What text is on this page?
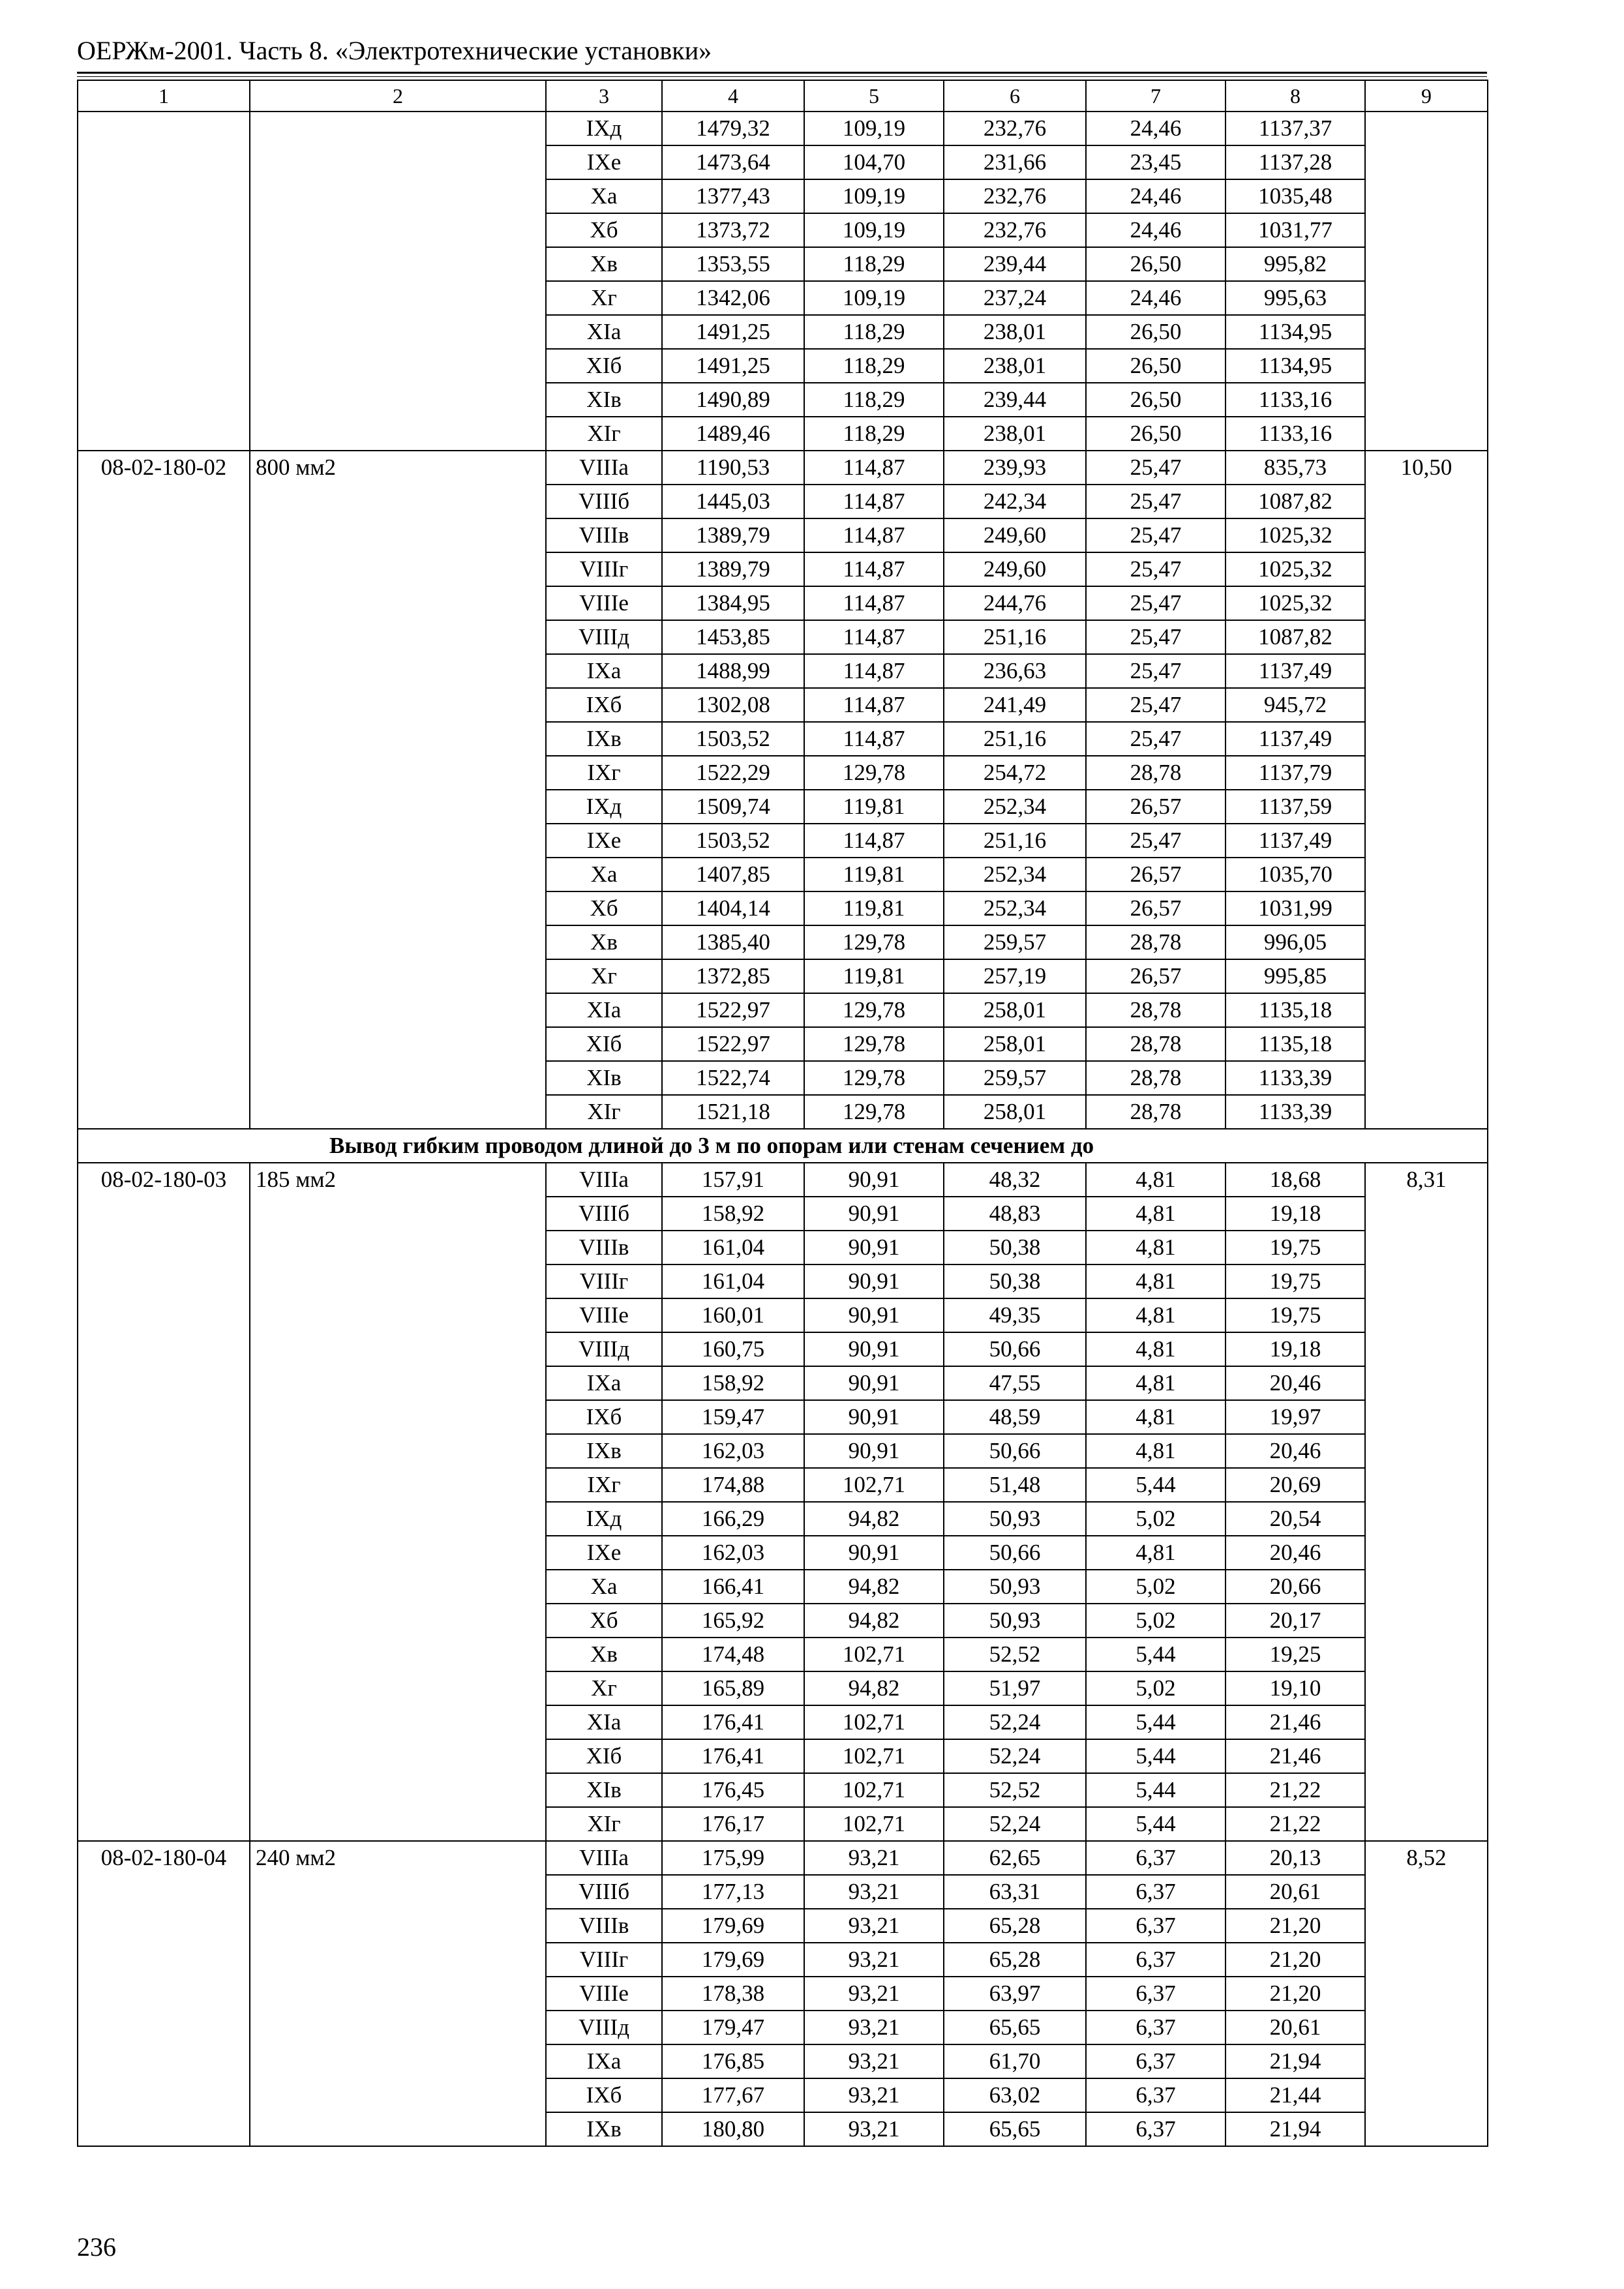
ОЕРЖм-2001. Часть 8. «Электротехнические установки»
1	2	3	4	5	6	7	8	9
		IXд	1479,32	109,19	232,76	24,46	1137,37	
		IXе	1473,64	104,70	231,66	23,45	1137,28	
		Xа	1377,43	109,19	232,76	24,46	1035,48	
		Xб	1373,72	109,19	232,76	24,46	1031,77	
		Xв	1353,55	118,29	239,44	26,50	995,82	
		Xг	1342,06	109,19	237,24	24,46	995,63	
		XIа	1491,25	118,29	238,01	26,50	1134,95	
		XIб	1491,25	118,29	238,01	26,50	1134,95	
		XIв	1490,89	118,29	239,44	26,50	1133,16	
		XIг	1489,46	118,29	238,01	26,50	1133,16	
08-02-180-02	800 мм2	VIIIа	1190,53	114,87	239,93	25,47	835,73	10,50
		VIIIб	1445,03	114,87	242,34	25,47	1087,82	
		VIIIв	1389,79	114,87	249,60	25,47	1025,32	
		VIIIг	1389,79	114,87	249,60	25,47	1025,32	
		VIIIе	1384,95	114,87	244,76	25,47	1025,32	
		VIIIд	1453,85	114,87	251,16	25,47	1087,82	
		IXа	1488,99	114,87	236,63	25,47	1137,49	
		IXб	1302,08	114,87	241,49	25,47	945,72	
		IXв	1503,52	114,87	251,16	25,47	1137,49	
		IXг	1522,29	129,78	254,72	28,78	1137,79	
		IXд	1509,74	119,81	252,34	26,57	1137,59	
		IXе	1503,52	114,87	251,16	25,47	1137,49	
		Xа	1407,85	119,81	252,34	26,57	1035,70	
		Xб	1404,14	119,81	252,34	26,57	1031,99	
		Xв	1385,40	129,78	259,57	28,78	996,05	
		Xг	1372,85	119,81	257,19	26,57	995,85	
		XIа	1522,97	129,78	258,01	28,78	1135,18	
		XIб	1522,97	129,78	258,01	28,78	1135,18	
		XIв	1522,74	129,78	259,57	28,78	1133,39	
		XIг	1521,18	129,78	258,01	28,78	1133,39	
Вывод гибким проводом длиной до 3 м по опорам или стенам сечением до								
08-02-180-03	185 мм2	VIIIа	157,91	90,91	48,32	4,81	18,68	8,31
		VIIIб	158,92	90,91	48,83	4,81	19,18	
		VIIIв	161,04	90,91	50,38	4,81	19,75	
		VIIIг	161,04	90,91	50,38	4,81	19,75	
		VIIIе	160,01	90,91	49,35	4,81	19,75	
		VIIIд	160,75	90,91	50,66	4,81	19,18	
		IXа	158,92	90,91	47,55	4,81	20,46	
		IXб	159,47	90,91	48,59	4,81	19,97	
		IXв	162,03	90,91	50,66	4,81	20,46	
		IXг	174,88	102,71	51,48	5,44	20,69	
		IXд	166,29	94,82	50,93	5,02	20,54	
		IXе	162,03	90,91	50,66	4,81	20,46	
		Xа	166,41	94,82	50,93	5,02	20,66	
		Xб	165,92	94,82	50,93	5,02	20,17	
		Xв	174,48	102,71	52,52	5,44	19,25	
		Xг	165,89	94,82	51,97	5,02	19,10	
		XIа	176,41	102,71	52,24	5,44	21,46	
		XIб	176,41	102,71	52,24	5,44	21,46	
		XIв	176,45	102,71	52,52	5,44	21,22	
		XIг	176,17	102,71	52,24	5,44	21,22	
08-02-180-04	240 мм2	VIIIа	175,99	93,21	62,65	6,37	20,13	8,52
		VIIIб	177,13	93,21	63,31	6,37	20,61	
		VIIIв	179,69	93,21	65,28	6,37	21,20	
		VIIIг	179,69	93,21	65,28	6,37	21,20	
		VIIIе	178,38	93,21	63,97	6,37	21,20	
		VIIIд	179,47	93,21	65,65	6,37	20,61	
		IXа	176,85	93,21	61,70	6,37	21,94	
		IXб	177,67	93,21	63,02	6,37	21,44	
		IXв	180,80	93,21	65,65	6,37	21,94	
236
